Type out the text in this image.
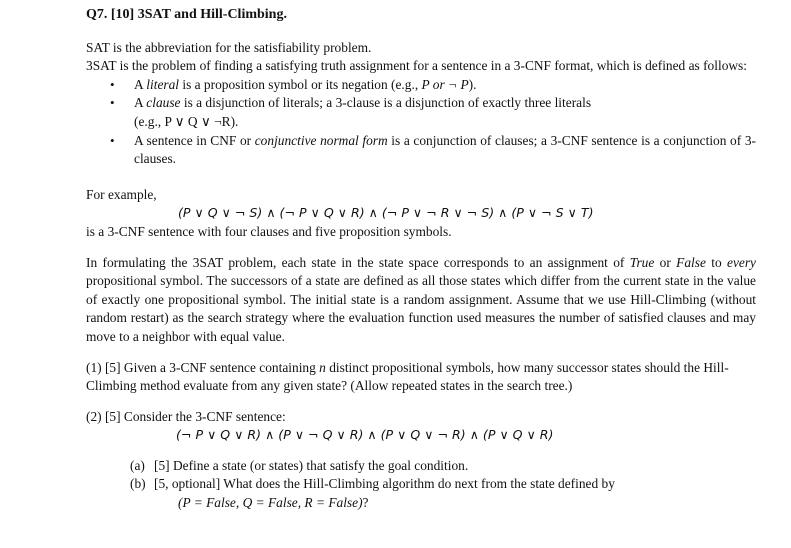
Q7. [10] 3SAT and Hill-Climbing.

SAT is the abbreviation for the satisfiability problem.

3SAT is the problem of finding a satisfying truth assignment for a sentence in a 3-CNF format, which is defined as follows:

• A literal is a proposition symbol or its negation (e.g., P or ¬ P).
• A clause is a disjunction of literals; a 3-clause is a disjunction of exactly three literals
(e.g., P ∨ Q ∨ ¬R).
• A sentence in CNF or conjunctive normal form is a conjunction of clauses; a 3-CNF sentence is a conjunction of 3-clauses.

For example,

(P ∨ Q ∨ ¬ S) ∧ (¬ P ∨ Q ∨ R) ∧ (¬ P ∨ ¬ R ∨ ¬ S) ∧ (P ∨ ¬ S ∨ T)

is a 3-CNF sentence with four clauses and five proposition symbols.

In formulating the 3SAT problem, each state in the state space corresponds to an assignment of True or False to every propositional symbol. The successors of a state are defined as all those states which differ from the current state in the value of exactly one propositional symbol. The initial state is a random assignment. Assume that we use Hill-Climbing (without random restart) as the search strategy where the evaluation function used measures the number of satisfied clauses and may move to a neighbor with equal value.

(1) [5] Given a 3-CNF sentence containing n distinct propositional symbols, how many successor states should the Hill-Climbing method evaluate from any given state? (Allow repeated states in the search tree.)

(2) [5] Consider the 3-CNF sentence:

(¬ P ∨ Q ∨ R) ∧ (P ∨ ¬ Q ∨ R) ∧ (P ∨ Q ∨ ¬ R) ∧ (P ∨ Q ∨ R)

(a) [5] Define a state (or states) that satisfy the goal condition.
(b) [5, optional] What does the Hill-Climbing algorithm do next from the state defined by

(P = False, Q = False, R = False)?
